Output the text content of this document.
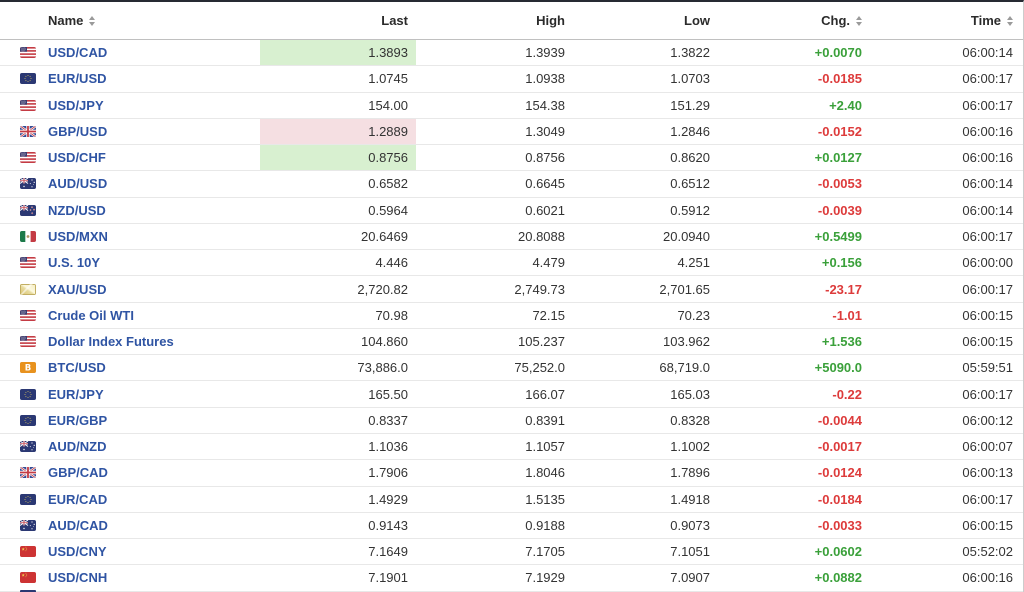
Name	Last	High	Low	Chg.	Time
USD/CAD	1.3893	1.3939	1.3822	+0.0070	06:00:14
EUR/USD	1.0745	1.0938	1.0703	-0.0185	06:00:17
USD/JPY	154.00	154.38	151.29	+2.40	06:00:17
GBP/USD	1.2889	1.3049	1.2846	-0.0152	06:00:16
USD/CHF	0.8756	0.8756	0.8620	+0.0127	06:00:16
AUD/USD	0.6582	0.6645	0.6512	-0.0053	06:00:14
NZD/USD	0.5964	0.6021	0.5912	-0.0039	06:00:14
USD/MXN	20.6469	20.8088	20.0940	+0.5499	06:00:17
U.S. 10Y	4.446	4.479	4.251	+0.156	06:00:00
XAU/USD	2,720.82	2,749.73	2,701.65	-23.17	06:00:17
Crude Oil WTI	70.98	72.15	70.23	-1.01	06:00:15
Dollar Index Futures	104.860	105.237	103.962	+1.536	06:00:15
B BTC/USD	73,886.0	75,252.0	68,719.0	+5090.0	05:59:51
EUR/JPY	165.50	166.07	165.03	-0.22	06:00:17
EUR/GBP	0.8337	0.8391	0.8328	-0.0044	06:00:12
AUD/NZD	1.1036	1.1057	1.1002	-0.0017	06:00:07
GBP/CAD	1.7906	1.8046	1.7896	-0.0124	06:00:13
EUR/CAD	1.4929	1.5135	1.4918	-0.0184	06:00:17
AUD/CAD	0.9143	0.9188	0.9073	-0.0033	06:00:15
USD/CNY	7.1649	7.1705	7.1051	+0.0602	05:52:02
USD/CNH	7.1901	7.1929	7.0907	+0.0882	06:00:16
